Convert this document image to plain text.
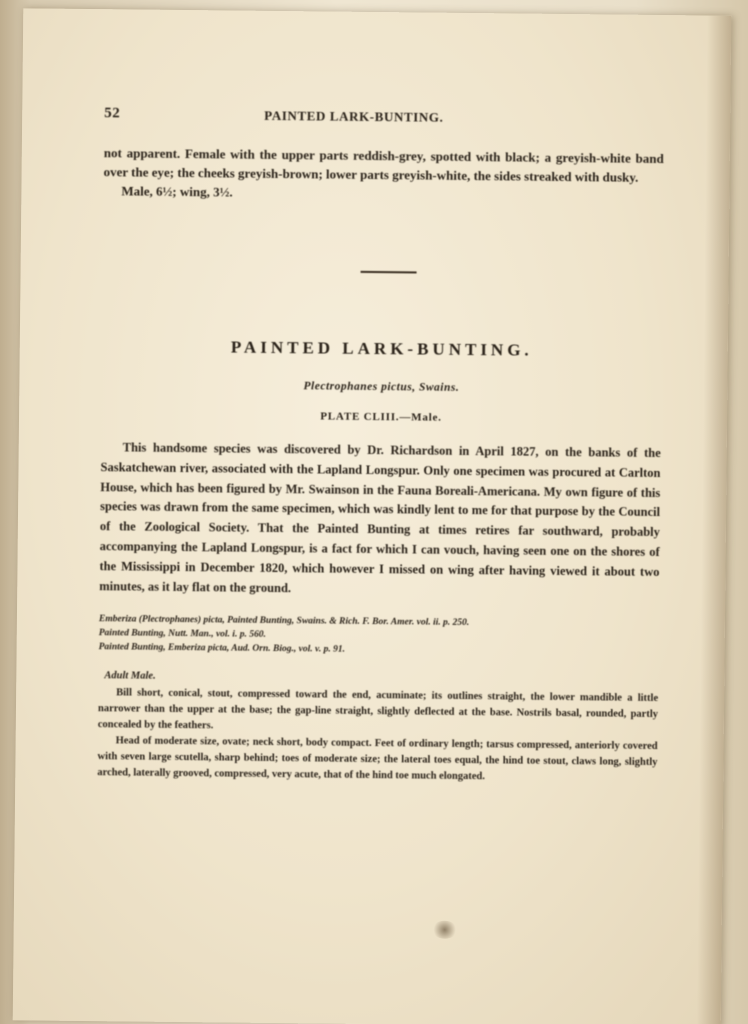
52	PAINTED LARK-BUNTING.

not apparent. Female with the upper parts reddish-grey, spotted with black; a greyish-white band over the eye; the cheeks greyish-brown; lower parts greyish-white, the sides streaked with dusky.

Male, 6½; wing, 3½.

PAINTED LARK-BUNTING.
Plectrophanes pictus, Swains.
PLATE CLIII.—Male.
This handsome species was discovered by Dr. Richardson in April 1827, on the banks of the Saskatchewan river, associated with the Lapland Longspur. Only one specimen was procured at Carlton House, which has been figured by Mr. Swainson in the Fauna Boreali-Americana. My own figure of this species was drawn from the same specimen, which was kindly lent to me for that purpose by the Council of the Zoological Society. That the Painted Bunting at times retires far southward, probably accompanying the Lapland Longspur, is a fact for which I can vouch, having seen one on the shores of the Mississippi in December 1820, which however I missed on wing after having viewed it about two minutes, as it lay flat on the ground.
Emberiza (Plectrophanes) picta, Painted Bunting, Swains. & Rich. F. Bor. Amer. vol. ii. p. 250.
Painted Bunting, Nutt. Man., vol. i. p. 560.
Painted Bunting, Emberiza picta, Aud. Orn. Biog., vol. v. p. 91.
Adult Male.

Bill short, conical, stout, compressed toward the end, acuminate; its outlines straight, the lower mandible a little narrower than the upper at the base; the gap-line straight, slightly deflected at the base. Nostrils basal, rounded, partly concealed by the feathers.

Head of moderate size, ovate; neck short, body compact. Feet of ordinary length; tarsus compressed, anteriorly covered with seven large scutella, sharp behind; toes of moderate size; the lateral toes equal, the hind toe stout, claws long, slightly arched, laterally grooved, compressed, very acute, that of the hind toe much elongated.
